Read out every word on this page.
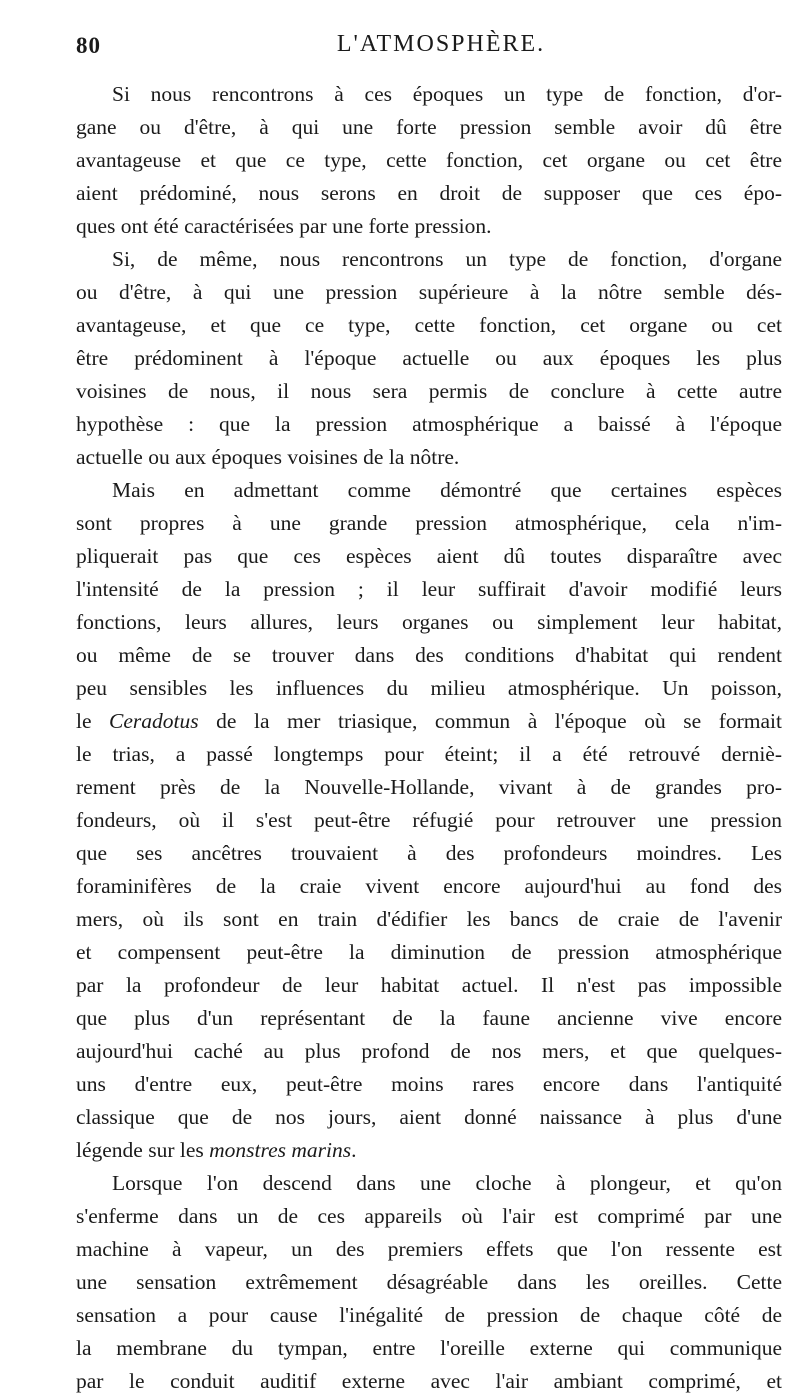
80	L'ATMOSPHÈRE.
Si nous rencontrons à ces époques un type de fonction, d'or-
gane ou d'être, à qui une forte pression semble avoir dû être
avantageuse et que ce type, cette fonction, cet organe ou cet être
aient prédominé, nous serons en droit de supposer que ces épo-
ques ont été caractérisées par une forte pression.
Si, de même, nous rencontrons un type de fonction, d'organe
ou d'être, à qui une pression supérieure à la nôtre semble dés-
avantageuse, et que ce type, cette fonction, cet organe ou cet
être prédominent à l'époque actuelle ou aux époques les plus
voisines de nous, il nous sera permis de conclure à cette autre
hypothèse : que la pression atmosphérique a baissé à l'époque
actuelle ou aux époques voisines de la nôtre.
Mais en admettant comme démontré que certaines espèces
sont propres à une grande pression atmosphérique, cela n'im-
pliquerait pas que ces espèces aient dû toutes disparaître avec
l'intensité de la pression ; il leur suffirait d'avoir modifié leurs
fonctions, leurs allures, leurs organes ou simplement leur habitat,
ou même de se trouver dans des conditions d'habitat qui rendent
peu sensibles les influences du milieu atmosphérique. Un poisson,
le Ceradotus de la mer triasique, commun à l'époque où se formait
le trias, a passé longtemps pour éteint; il a été retrouvé derniè-
rement près de la Nouvelle-Hollande, vivant à de grandes pro-
fondeurs, où il s'est peut-être réfugié pour retrouver une pression
que ses ancêtres trouvaient à des profondeurs moindres. Les
foraminifères de la craie vivent encore aujourd'hui au fond des
mers, où ils sont en train d'édifier les bancs de craie de l'avenir
et compensent peut-être la diminution de pression atmosphérique
par la profondeur de leur habitat actuel. Il n'est pas impossible
que plus d'un représentant de la faune ancienne vive encore
aujourd'hui caché au plus profond de nos mers, et que quelques-
uns d'entre eux, peut-être moins rares encore dans l'antiquité
classique que de nos jours, aient donné naissance à plus d'une
légende sur les monstres marins.
Lorsque l'on descend dans une cloche à plongeur, et qu'on
s'enferme dans un de ces appareils où l'air est comprimé par une
machine à vapeur, un des premiers effets que l'on ressente est
une sensation extrêmement désagréable dans les oreilles. Cette
sensation a pour cause l'inégalité de pression de chaque côté de
la membrane du tympan, entre l'oreille externe qui communique
par le conduit auditif externe avec l'air ambiant comprimé, et
